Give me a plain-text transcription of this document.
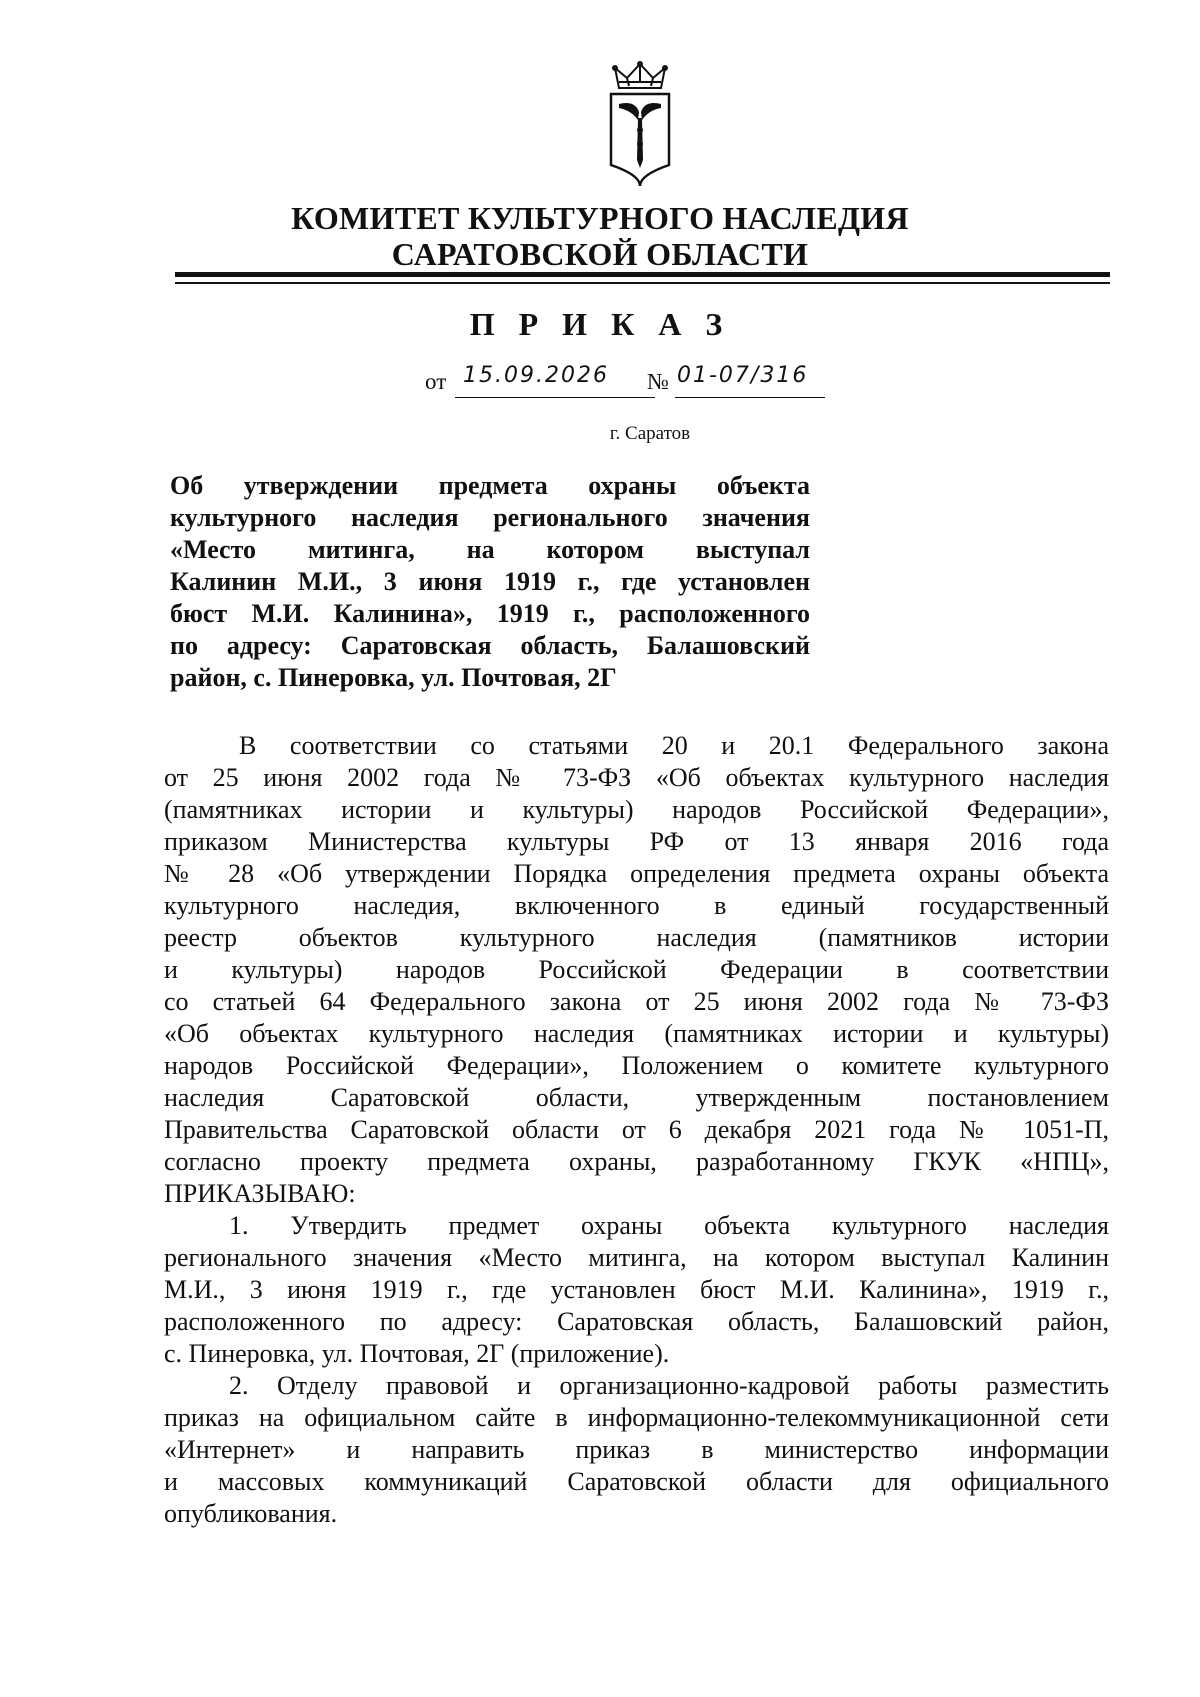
КОМИТЕТ КУЛЬТУРНОГО НАСЛЕДИЯ
САРАТОВСКОЙ ОБЛАСТИ
П Р И К А З
от 15.09.2026 № 01-07/316
г. Саратов
Об утверждении предмета охраны объекта
культурного наследия регионального значения
«Место митинга, на котором выступал
Калинин М.И., 3 июня 1919 г., где установлен
бюст М.И. Калинина», 1919 г., расположенного
по адресу: Саратовская область, Балашовский
район, с. Пинеровка, ул. Почтовая, 2Г
В соответствии со статьями 20 и 20.1 Федерального закона
от 25 июня 2002 года № 73-ФЗ «Об объектах культурного наследия
(памятниках истории и культуры) народов Российской Федерации»,
приказом Министерства культуры РФ от 13 января 2016 года
№ 28 «Об утверждении Порядка определения предмета охраны объекта
культурного наследия, включенного в единый государственный
реестр объектов культурного наследия (памятников истории
и культуры) народов Российской Федерации в соответствии
со статьей 64 Федерального закона от 25 июня 2002 года № 73-ФЗ
«Об объектах культурного наследия (памятниках истории и культуры)
народов Российской Федерации», Положением о комитете культурного
наследия Саратовской области, утвержденным постановлением
Правительства Саратовской области от 6 декабря 2021 года № 1051-П,
согласно проекту предмета охраны, разработанному ГКУК «НПЦ»,
ПРИКАЗЫВАЮ:
1. Утвердить предмет охраны объекта культурного наследия
регионального значения «Место митинга, на котором выступал Калинин
М.И., 3 июня 1919 г., где установлен бюст М.И. Калинина», 1919 г.,
расположенного по адресу: Саратовская область, Балашовский район,
с. Пинеровка, ул. Почтовая, 2Г (приложение).
2. Отделу правовой и организационно-кадровой работы разместить
приказ на официальном сайте в информационно-телекоммуникационной сети
«Интернет» и направить приказ в министерство информации
и массовых коммуникаций Саратовской области для официального
опубликования.
